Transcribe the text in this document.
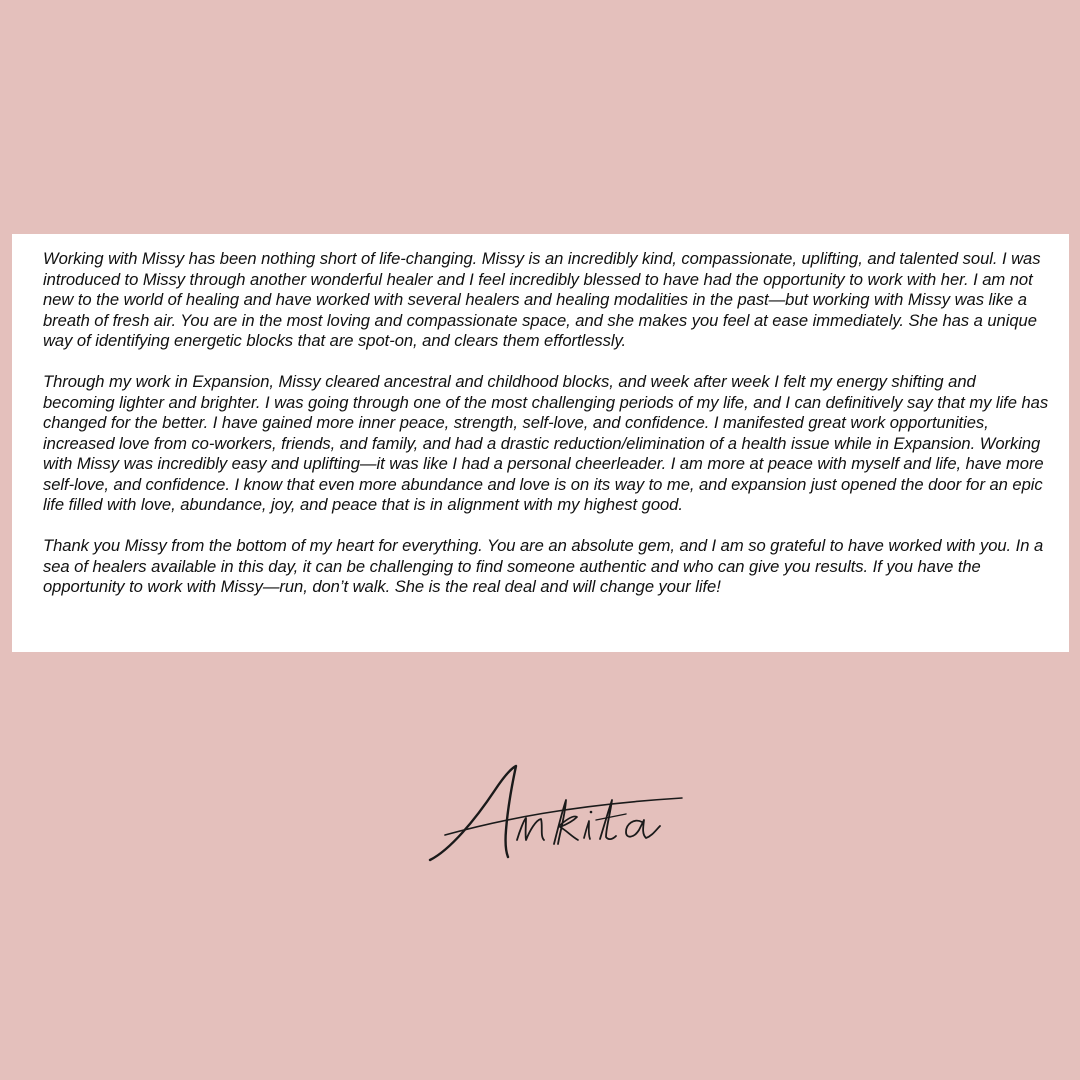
Working with Missy has been nothing short of life-changing. Missy is an incredibly kind, compassionate, uplifting, and talented soul. I was introduced to Missy through another wonderful healer and I feel incredibly blessed to have had the opportunity to work with her. I am not new to the world of healing and have worked with several healers and healing modalities in the past—but working with Missy was like a breath of fresh air. You are in the most loving and compassionate space, and she makes you feel at ease immediately. She has a unique way of identifying energetic blocks that are spot-on, and clears them effortlessly.

Through my work in Expansion, Missy cleared ancestral and childhood blocks, and week after week I felt my energy shifting and becoming lighter and brighter. I was going through one of the most challenging periods of my life, and I can definitively say that my life has changed for the better. I have gained more inner peace, strength, self-love, and confidence. I manifested great work opportunities, increased love from co-workers, friends, and family, and had a drastic reduction/elimination of a health issue while in Expansion. Working with Missy was incredibly easy and uplifting—it was like I had a personal cheerleader. I am more at peace with myself and life, have more self-love, and confidence. I know that even more abundance and love is on its way to me, and expansion just opened the door for an epic life filled with love, abundance, joy, and peace that is in alignment with my highest good.

Thank you Missy from the bottom of my heart for everything. You are an absolute gem, and I am so grateful to have worked with you. In a sea of healers available in this day, it can be challenging to find someone authentic and who can give you results. If you have the opportunity to work with Missy—run, don’t walk. She is the real deal and will change your life!
